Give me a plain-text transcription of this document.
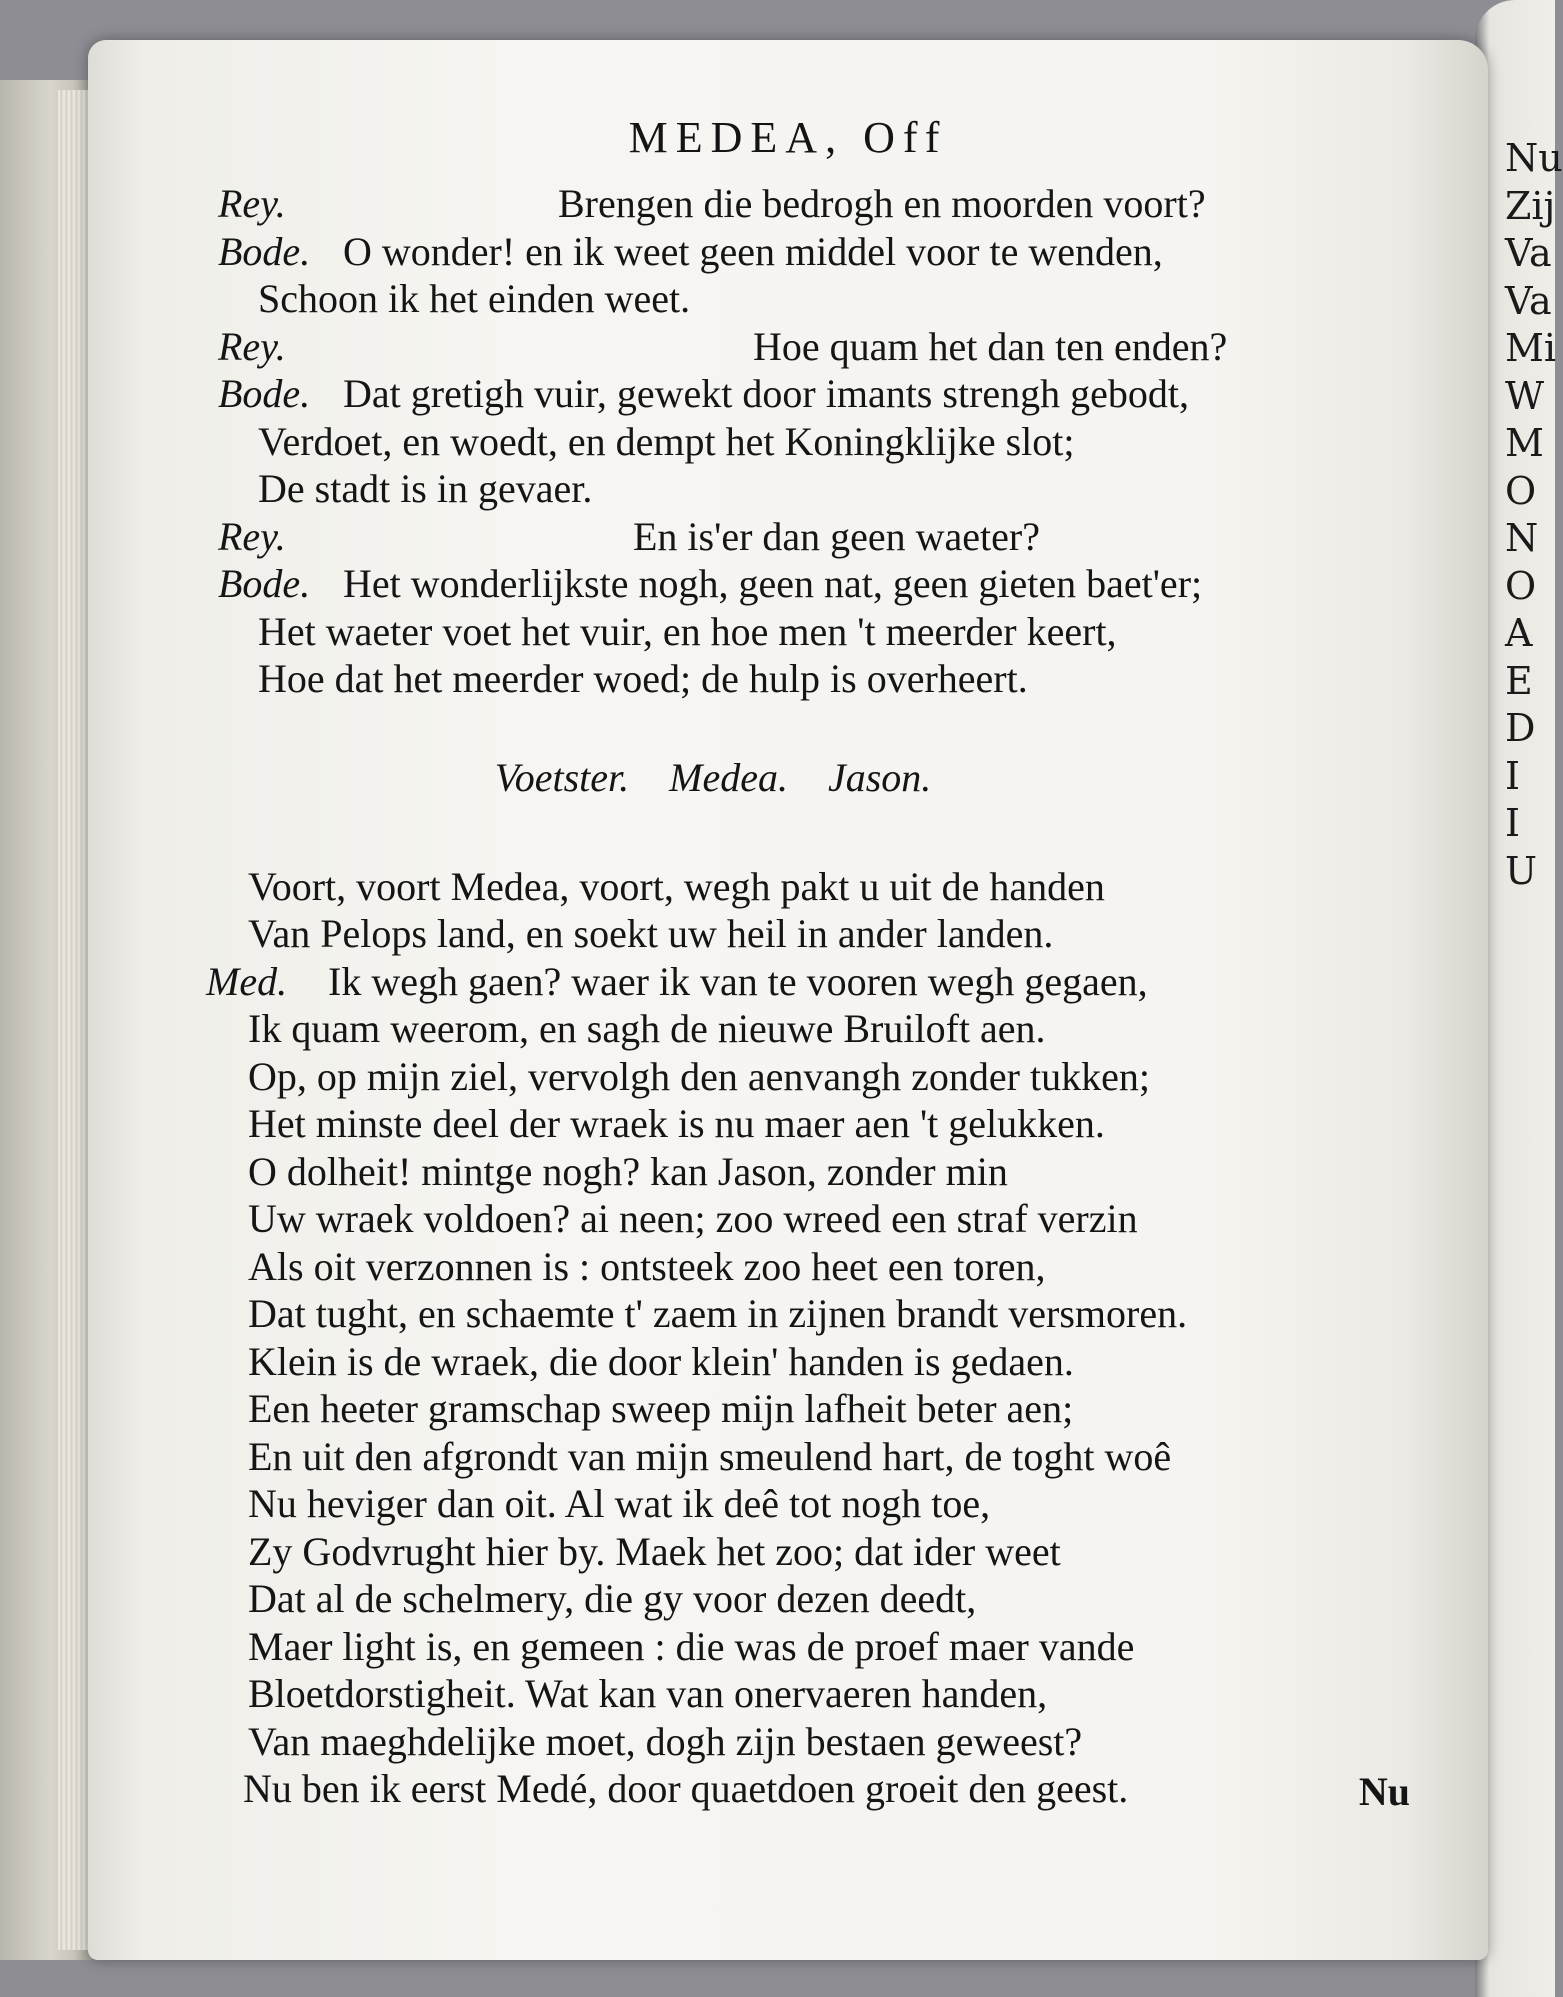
Nu
Zij
Va
Va
Mi
W
M
O
N
O
A
E
D
I
I
U
MEDEA, Off
Rey.	Brengen die bedrogh en moorden voort?
Bode. O wonder! en ik weet geen middel voor te wenden,
Schoon ik het einden weet.
Rey.	Hoe quam het dan ten enden?
Bode. Dat gretigh vuir, gewekt door imants strengh gebodt,
Verdoet, en woedt, en dempt het Koningklijke slot;
De stadt is in gevaer.
Rey.	En is'er dan geen waeter?
Bode. Het wonderlijkste nogh, geen nat, geen gieten baet'er;
Het waeter voet het vuir, en hoe men 't meerder keert,
Hoe dat het meerder woed; de hulp is overheert.
Voetster. Medea. Jason.
Voort, voort Medea, voort, wegh pakt u uit de handen
Van Pelops land, en soekt uw heil in ander landen.
Med. Ik wegh gaen? waer ik van te vooren wegh gegaen,
Ik quam weerom, en sagh de nieuwe Bruiloft aen.
Op, op mijn ziel, vervolgh den aenvangh zonder tukken;
Het minste deel der wraek is nu maer aen 't gelukken.
O dolheit! mintge nogh? kan Jason, zonder min
Uw wraek voldoen? ai neen; zoo wreed een straf verzin
Als oit verzonnen is : ontsteek zoo heet een toren,
Dat tught, en schaemte t' zaem in zijnen brandt versmoren.
Klein is de wraek, die door klein' handen is gedaen.
Een heeter gramschap sweep mijn lafheit beter aen;
En uit den afgrondt van mijn smeulend hart, de toght woê
Nu heviger dan oit. Al wat ik deê tot nogh toe,
Zy Godvrught hier by. Maek het zoo; dat ider weet
Dat al de schelmery, die gy voor dezen deedt,
Maer light is, en gemeen : die was de proef maer vande
Bloetdorstigheit. Wat kan van onervaeren handen,
Van maeghdelijke moet, dogh zijn bestaen geweest?
Nu ben ik eerst Medé, door quaetdoen groeit den geest.	Nu
